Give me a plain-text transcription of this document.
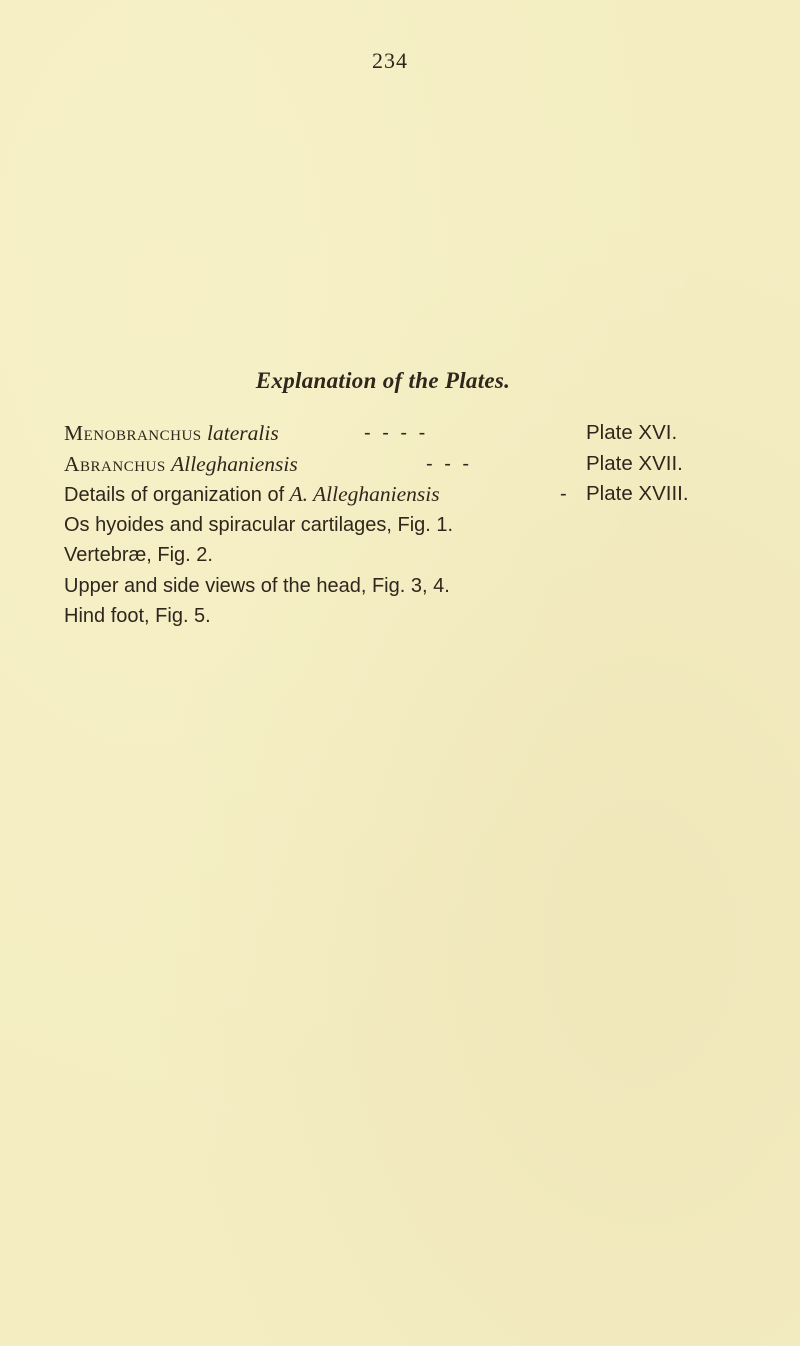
234
Explanation of the Plates.
Menobranchus lateralis	- - - -	Plate XVI.
Abranchus Alleghaniensis	- - -	Plate XVII.
Details of organization of A. Alleghaniensis	- Plate XVIII.
Os hyoides and spiracular cartilages, Fig. 1.
Vertebræ, Fig. 2.
Upper and side views of the head, Fig. 3, 4.
Hind foot, Fig. 5.
